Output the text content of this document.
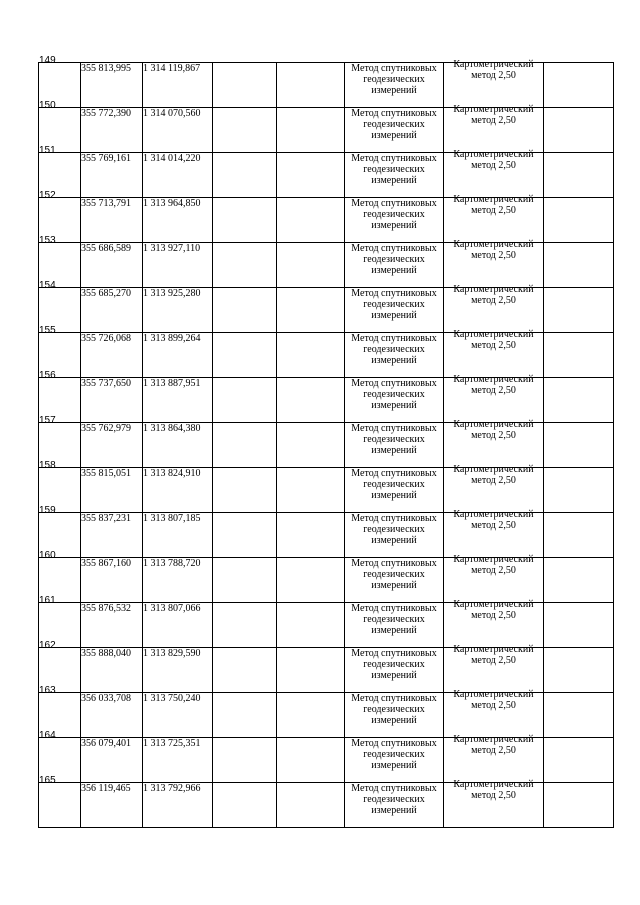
149	355 813,995	1 314 119,867			Метод спутниковых геодезических измерений	Картометрический метод 2,50	

150	355 772,390	1 314 070,560			Метод спутниковых геодезических измерений	Картометрический метод 2,50	

151	355 769,161	1 314 014,220			Метод спутниковых геодезических измерений	Картометрический метод 2,50	

152	355 713,791	1 313 964,850			Метод спутниковых геодезических измерений	Картометрический метод 2,50	

153	355 686,589	1 313 927,110			Метод спутниковых геодезических измерений	Картометрический метод 2,50	

154	355 685,270	1 313 925,280			Метод спутниковых геодезических измерений	Картометрический метод 2,50	

155	355 726,068	1 313 899,264			Метод спутниковых геодезических измерений	Картометрический метод 2,50	

156	355 737,650	1 313 887,951			Метод спутниковых геодезических измерений	Картометрический метод 2,50	

157	355 762,979	1 313 864,380			Метод спутниковых геодезических измерений	Картометрический метод 2,50	

158	355 815,051	1 313 824,910			Метод спутниковых геодезических измерений	Картометрический метод 2,50	

159	355 837,231	1 313 807,185			Метод спутниковых геодезических измерений	Картометрический метод 2,50	

160	355 867,160	1 313 788,720			Метод спутниковых геодезических измерений	Картометрический метод 2,50	

161	355 876,532	1 313 807,066			Метод спутниковых геодезических измерений	Картометрический метод 2,50	

162	355 888,040	1 313 829,590			Метод спутниковых геодезических измерений	Картометрический метод 2,50	

163	356 033,708	1 313 750,240			Метод спутниковых геодезических измерений	Картометрический метод 2,50	

164	356 079,401	1 313 725,351			Метод спутниковых геодезических измерений	Картометрический метод 2,50	

165	356 119,465	1 313 792,966			Метод спутниковых геодезических измерений	Картометрический метод 2,50	
